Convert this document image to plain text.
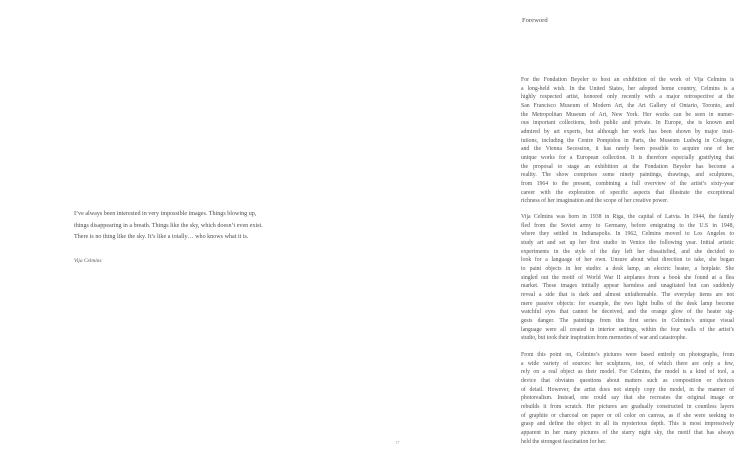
I’ve always been interested in very impossible images. Things blowing up,
things disappearing in a breath. Things like the sky, which doesn’t even exist.
There is no thing like the sky. It’s like a totally… who knows what it is.
Vija Celmins
17
Foreword
For the Fondation Beyeler to host an exhibition of the work of Vija Celmins is
a long-held wish. In the United States, her adopted home country, Celmins is a
highly respected artist, honored only recently with a major retrospective at the
San Francisco Museum of Modern Art, the Art Gallery of Ontario, Toronto, and
the Metropolitan Museum of Art, New York. Her works can be seen in numer-
ous important collections, both public and private. In Europe, she is known and
admired by art experts, but although her work has been shown by major insti-
tutions, including the Centre Pompidou in Paris, the Museum Ludwig in Cologne,
and the Vienna Secession, it has rarely been possible to acquire one of her
unique works for a European collection. It is therefore especially gratifying that
the proposal to stage an exhibition at the Fondation Beyeler has become a
reality. The show comprises some ninety paintings, drawings, and sculptures,
from 1964 to the present, combining a full overview of the artist’s sixty-year
career with the exploration of specific aspects that illustrate the exceptional
richness of her imagination and the scope of her creative power.
Vija Celmins was born in 1938 in Riga, the capital of Latvia. In 1944, the family
fled from the Soviet army to Germany, before emigrating to the U.S in 1948,
where they settled in Indianapolis. In 1962, Celmins moved to Los Angeles to
study art and set up her first studio in Venice the following year. Initial artistic
experiments in the style of the day left her dissatisfied, and she decided to
look for a language of her own. Unsure about what direction to take, she began
to paint objects in her studio: a desk lamp, an electric heater, a hotplate. She
singled out the motif of World War II airplanes from a book she found at a flea
market. These images initially appear harmless and unagitated but can suddenly
reveal a side that is dark and almost unfathomable. The everyday items are not
mere passive objects: for example, the two light bulbs of the desk lamp become
watchful eyes that cannot be deceived, and the orange glow of the heater sig-
gests danger. The paintings from this first series in Celmins’s unique visual
language were all created in interior settings, within the four walls of the artist’s
studio, but took their inspiration from memories of war and catastrophe.
From this point on, Celmins’s pictures were based entirely on photographs, from
a wide variety of sources: her sculptures, too, of which there are only a few,
rely on a real object as their model. For Celmins, the model is a kind of tool, a
device that obviates questions about matters such as composition or choices
of detail. However, the artist does not simply copy the model, in the manner of
photorealism. Instead, one could say that she recreates the original image or
rebuilds it from scratch. Her pictures are gradually constructed in countless layers
of graphite or charcoal on paper or oil color on canvas, as if she were seeking to
grasp and define the object in all its mysterious depth. This is most impressively
apparent in her many pictures of the starry night sky, the motif that has always
held the strongest fascination for her.
